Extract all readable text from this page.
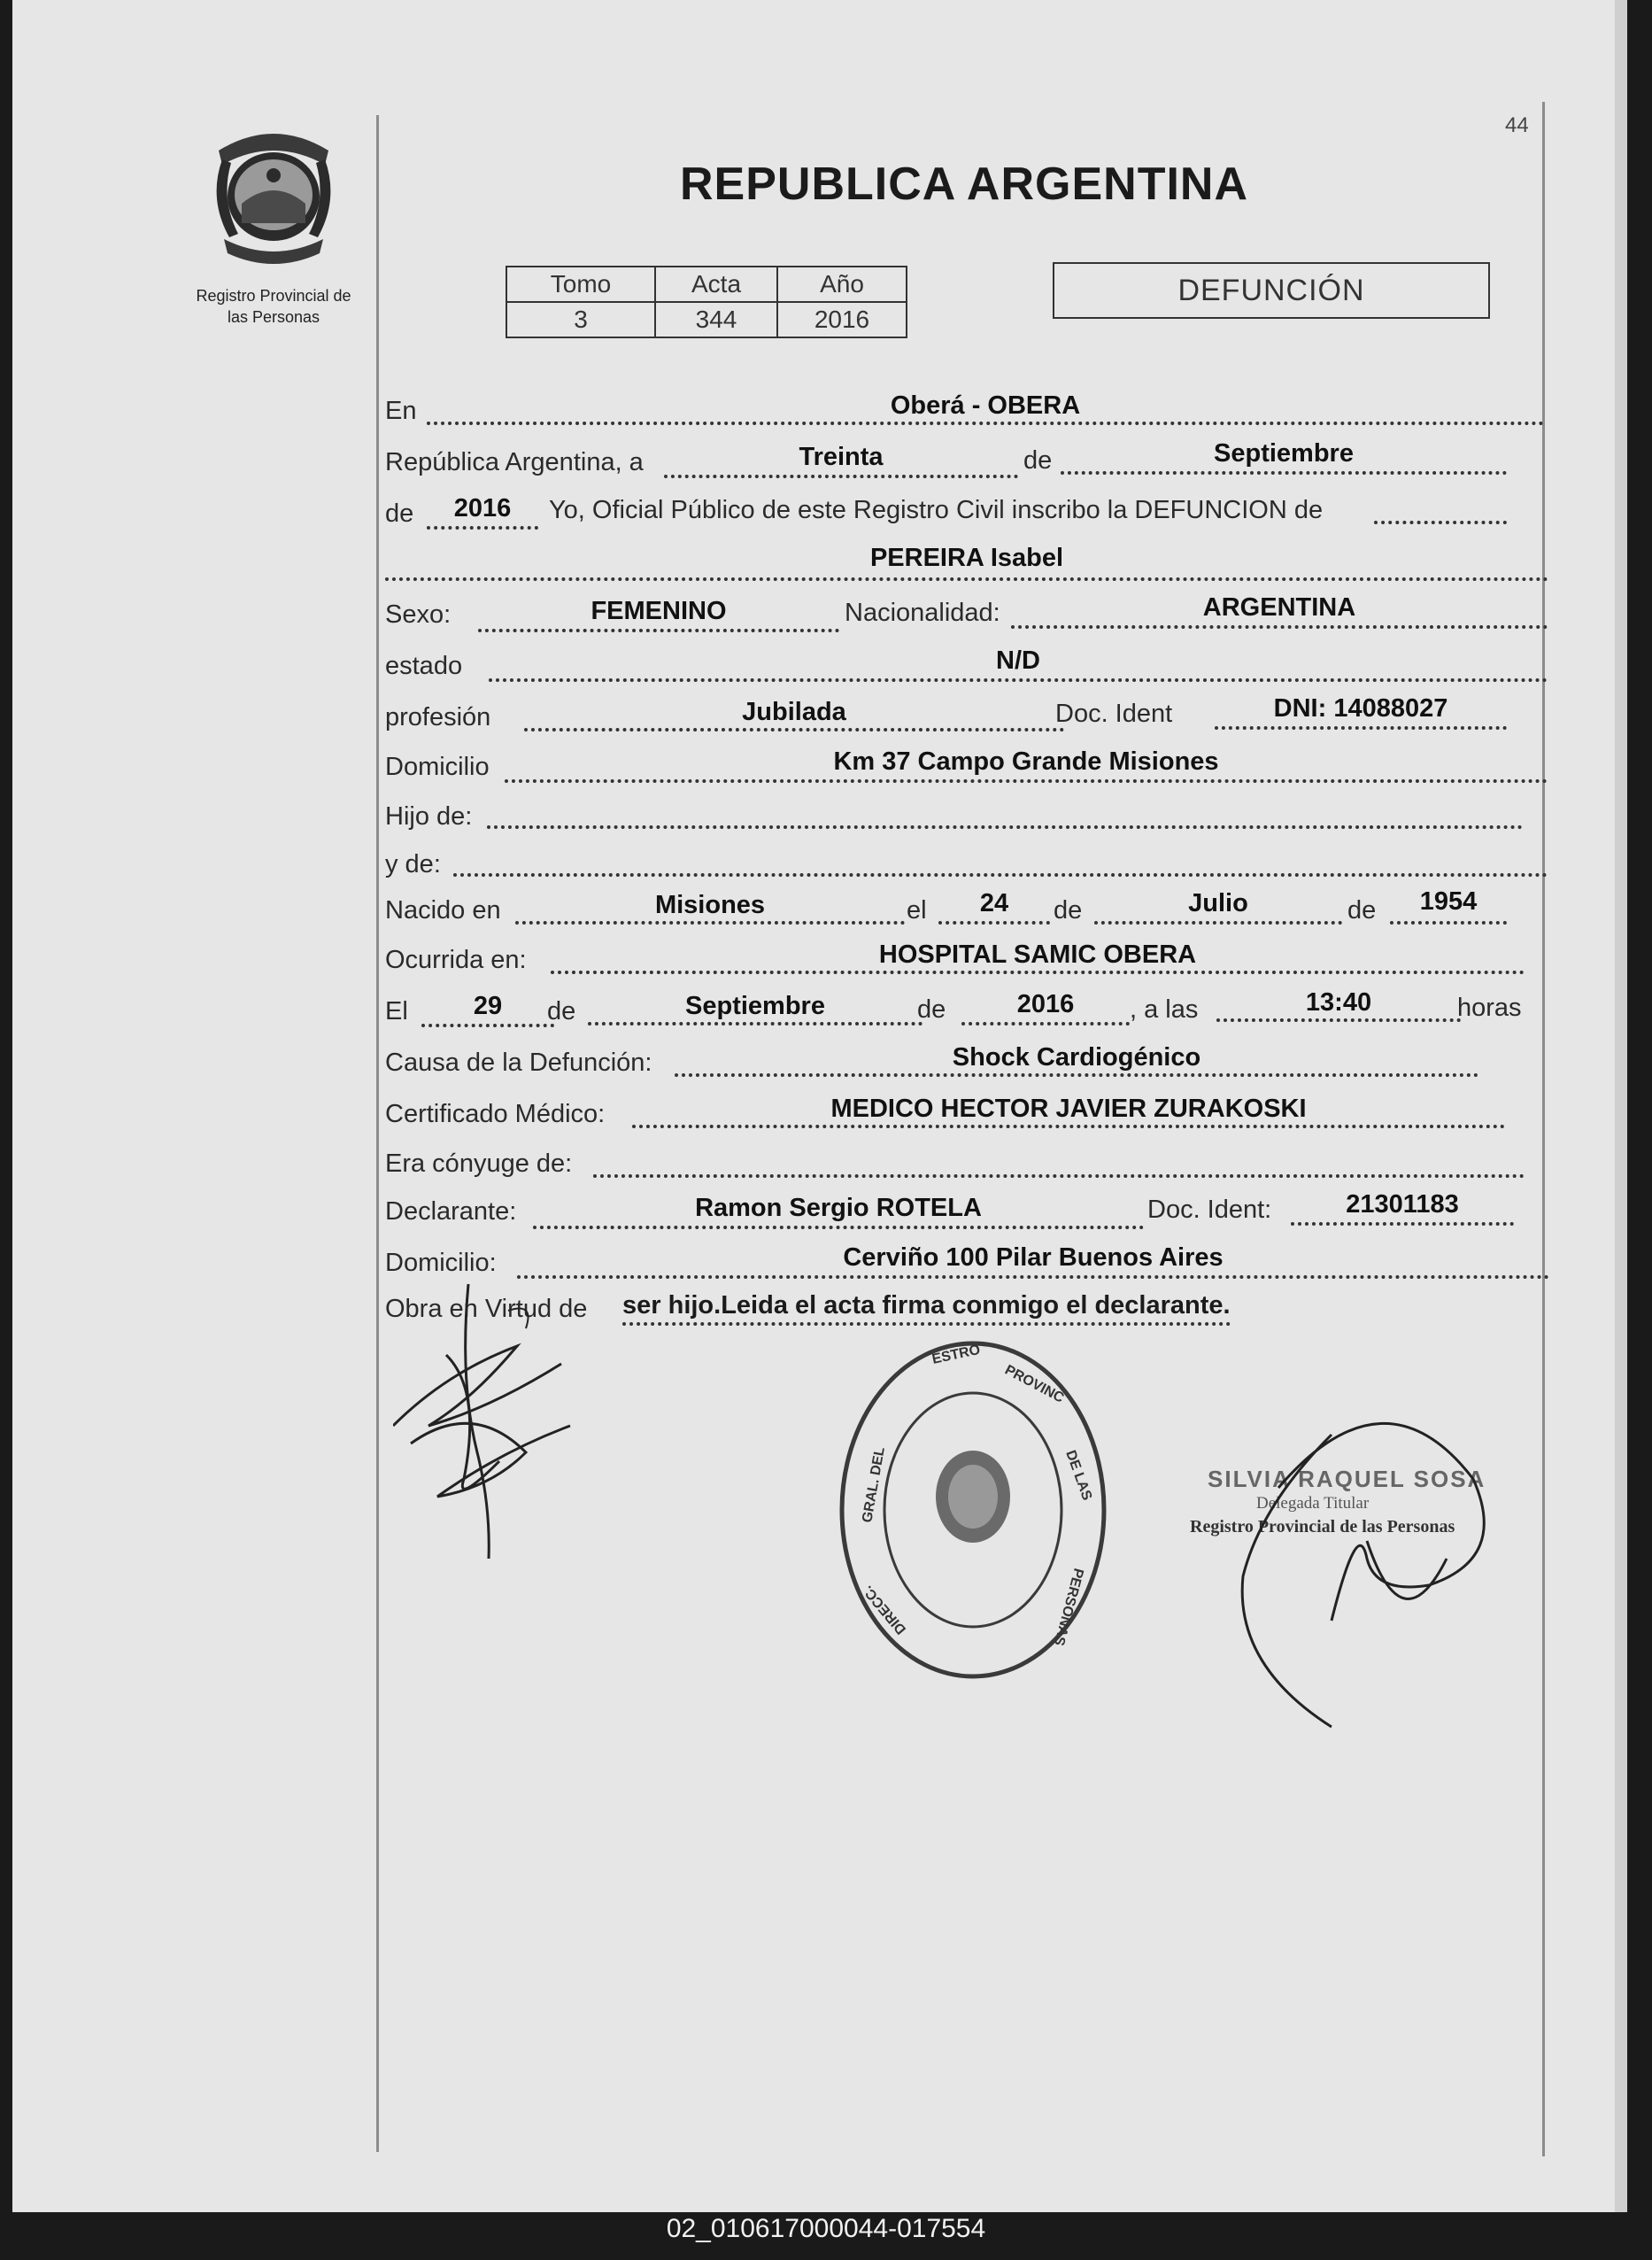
44
Registro Provincial de
las Personas
REPUBLICA ARGENTINA
Tomo	Acta	Año
3	344	2016
DEFUNCIÓN
En	Oberá - OBERA
República Argentina, a	Treinta	de	Septiembre
de	2016	Yo, Oficial Público de este Registro Civil inscribo la DEFUNCION de
PEREIRA Isabel
Sexo:	FEMENINO	Nacionalidad:	ARGENTINA
estado	N/D
profesión	Jubilada	Doc. Ident	DNI: 14088027
Domicilio	Km 37 Campo Grande Misiones
Hijo de:
y de:
Nacido en	Misiones	el	24	de	Julio	de	1954
Ocurrida en:	HOSPITAL SAMIC OBERA
El	29	de	Septiembre	de	2016	, a las	13:40	horas
Causa de la Defunción:	Shock Cardiogénico
Certificado Médico:	MEDICO HECTOR JAVIER ZURAKOSKI
Era cónyuge de:
Declarante:	Ramon Sergio ROTELA	Doc. Ident:	21301183
Domicilio:	Cerviño 100 Pilar Buenos Aires
Obra en Virtud de ser hijo.Leida el acta firma conmigo el declarante.
ESTRO
PROVINC
DE LAS
PERSONAS
GRAL. DEL
DIRECC.
SILVIA RAQUEL SOSA
Delegada Titular
Registro Provincial de las Personas
02_010617000044-017554
